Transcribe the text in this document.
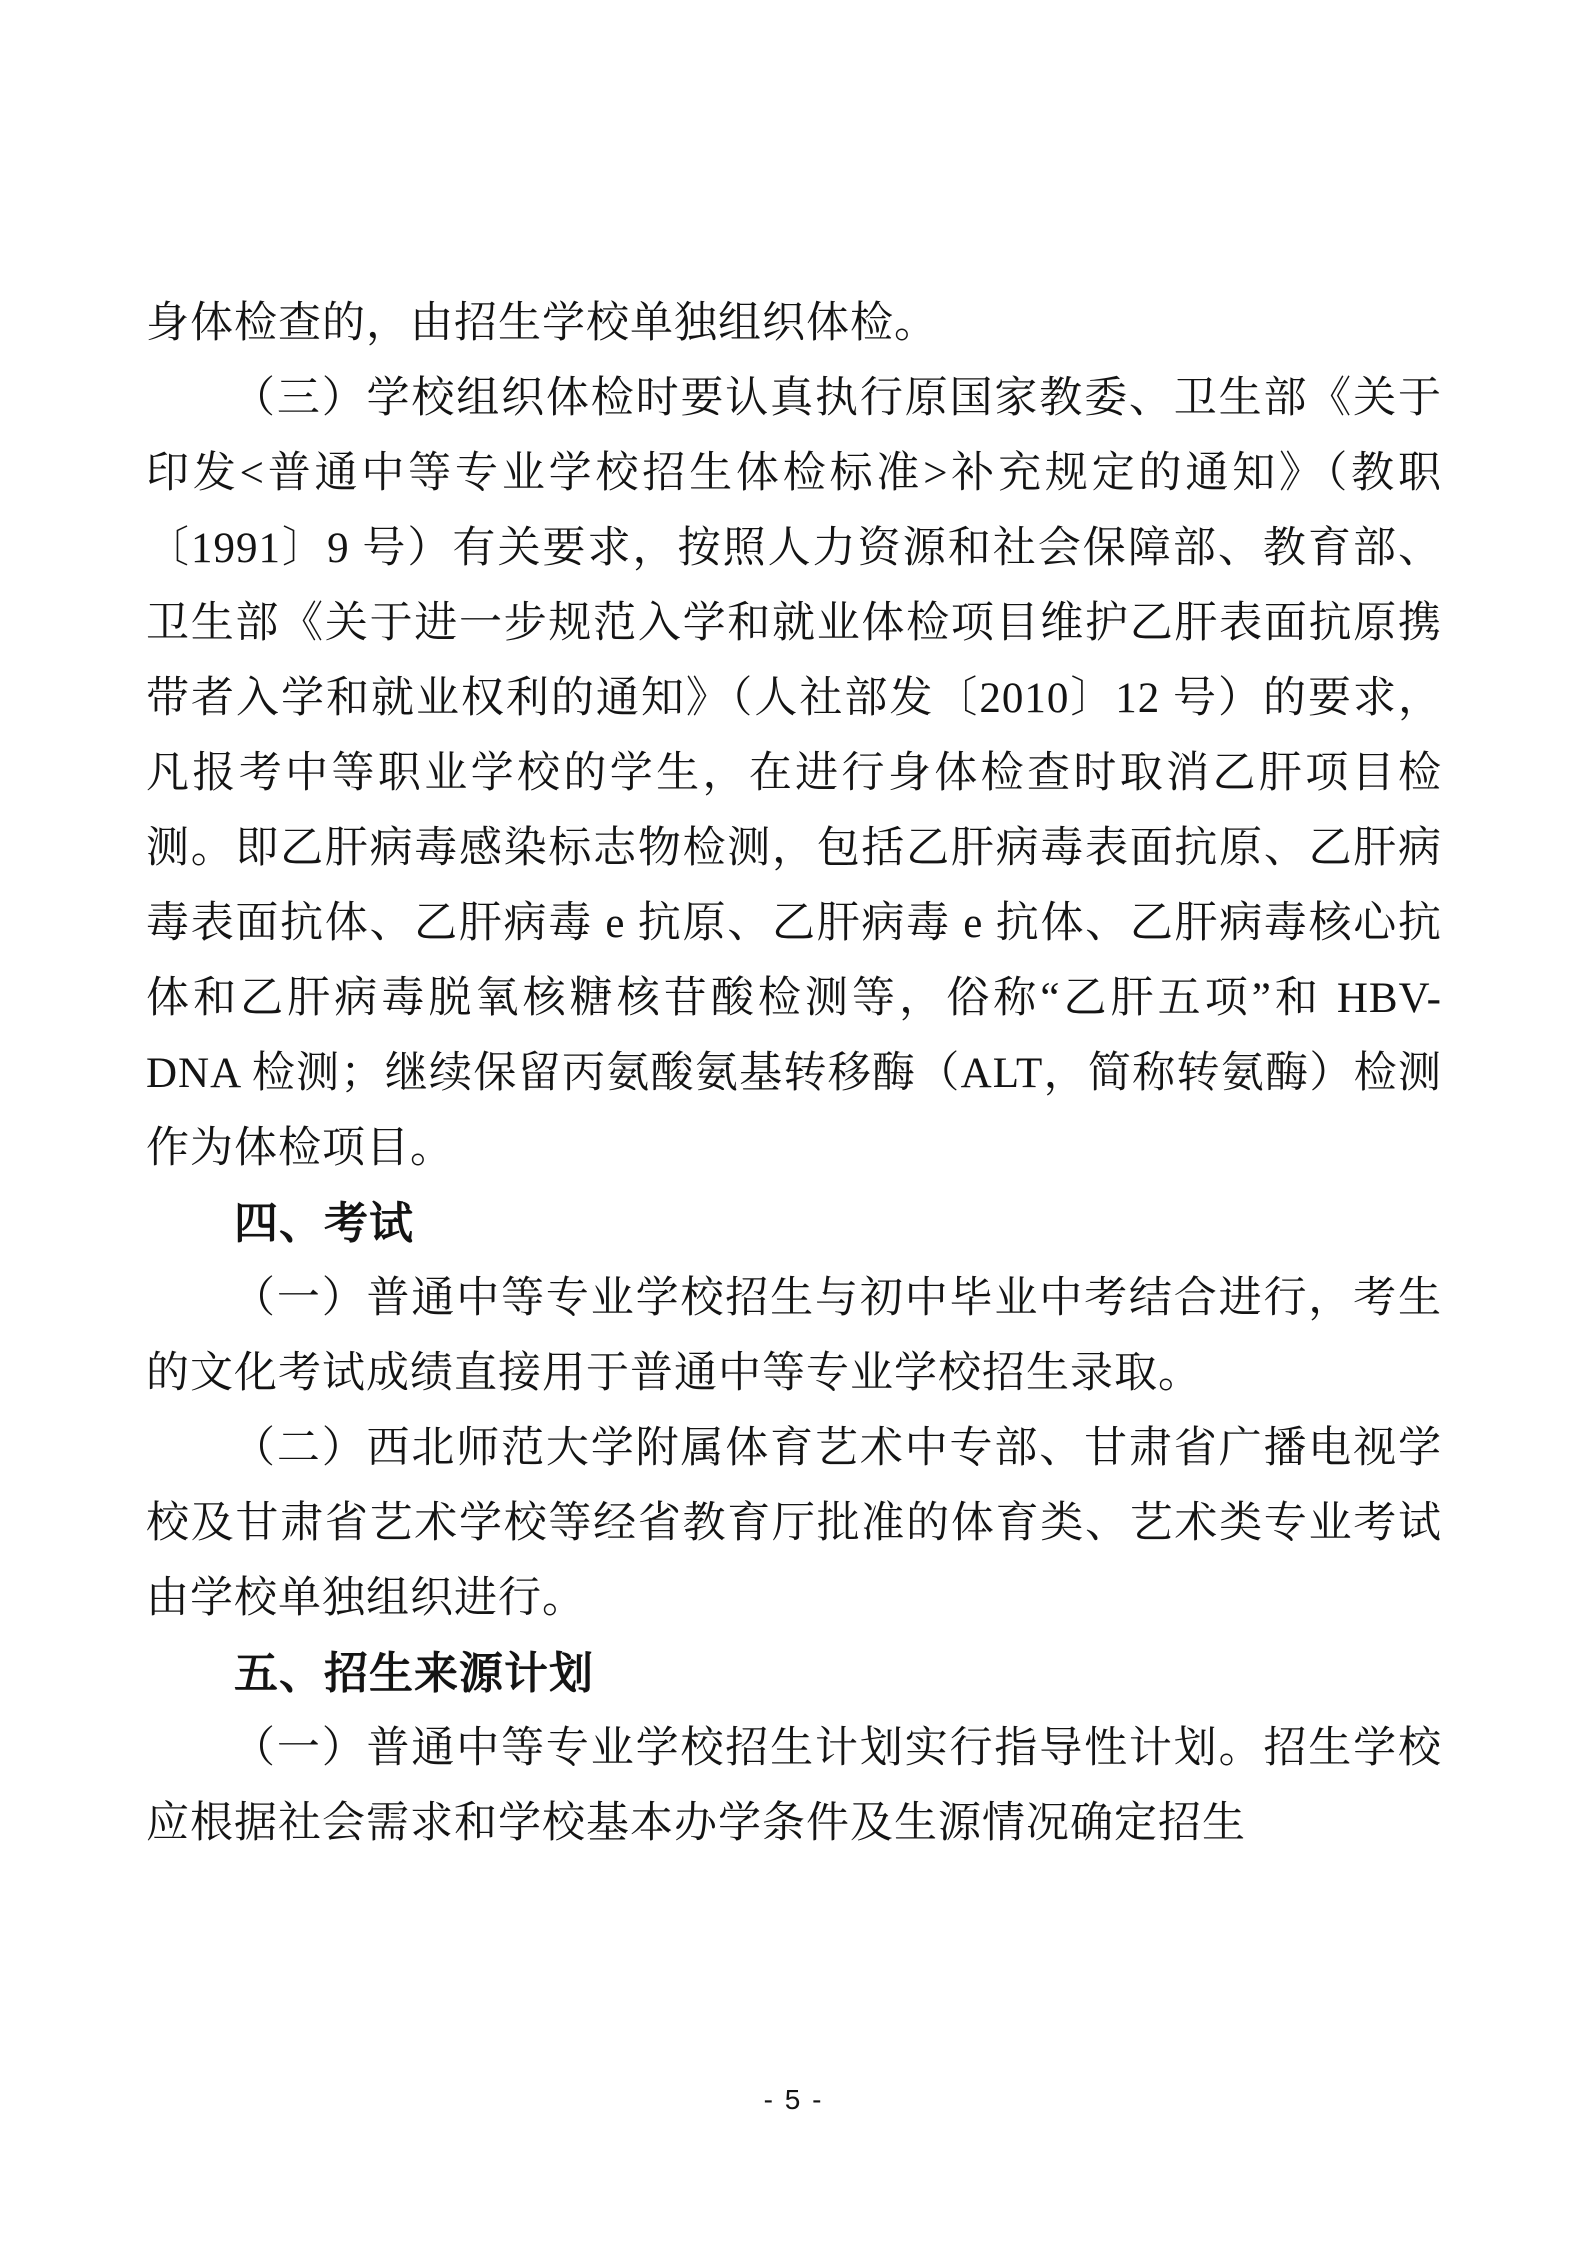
身体检查的，由招生学校单独组织体检。

（三）学校组织体检时要认真执行原国家教委、卫生部《关于印发<普通中等专业学校招生体检标准>补充规定的通知》（教职〔1991〕9 号）有关要求，按照人力资源和社会保障部、教育部、卫生部《关于进一步规范入学和就业体检项目维护乙肝表面抗原携带者入学和就业权利的通知》（人社部发〔2010〕12 号）的要求，凡报考中等职业学校的学生，在进行身体检查时取消乙肝项目检测。即乙肝病毒感染标志物检测，包括乙肝病毒表面抗原、乙肝病毒表面抗体、乙肝病毒 e 抗原、乙肝病毒 e 抗体、乙肝病毒核心抗体和乙肝病毒脱氧核糖核苷酸检测等，俗称“乙肝五项”和 HBV-DNA 检测；继续保留丙氨酸氨基转移酶（ALT，简称转氨酶）检测作为体检项目。

四、考试

（一）普通中等专业学校招生与初中毕业中考结合进行，考生的文化考试成绩直接用于普通中等专业学校招生录取。

（二）西北师范大学附属体育艺术中专部、甘肃省广播电视学校及甘肃省艺术学校等经省教育厅批准的体育类、艺术类专业考试由学校单独组织进行。

五、招生来源计划

（一）普通中等专业学校招生计划实行指导性计划。招生学校应根据社会需求和学校基本办学条件及生源情况确定招生

- 5 -
